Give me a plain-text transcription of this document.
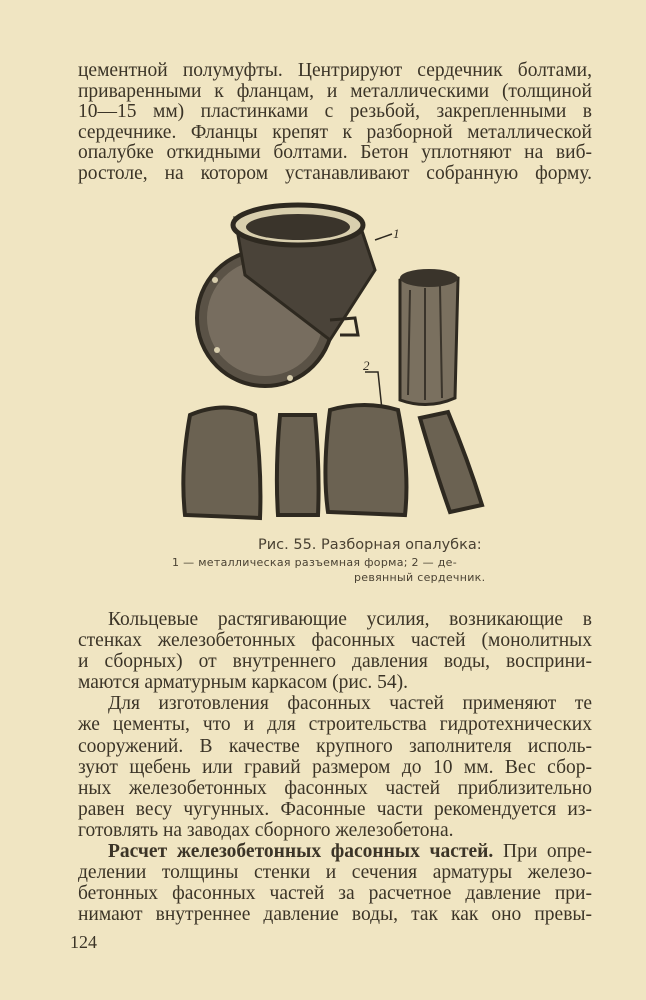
цементной полумуфты. Центрируют сердечник болтами,
приваренными к фланцам, и металлическими (толщиной
10—15 мм) пластинками с резьбой, закрепленными в
сердечнике. Фланцы крепят к разборной металлической
опалубке откидными болтами. Бетон уплотняют на виб-
ростоле, на котором устанавливают собранную форму.
1
2
Рис. 55. Разборная опалубка:
1 — металлическая разъемная форма; 2 — де-
ревянный сердечник.
Кольцевые растягивающие усилия, возникающие в
стенках железобетонных фасонных частей (монолитных
и сборных) от внутреннего давления воды, восприни-
маются арматурным каркасом (рис. 54).
Для изготовления фасонных частей применяют те
же цементы, что и для строительства гидротехнических
сооружений. В качестве крупного заполнителя исполь-
зуют щебень или гравий размером до 10 мм. Вес сбор-
ных железобетонных фасонных частей приблизительно
равен весу чугунных. Фасонные части рекомендуется из-
готовлять на заводах сборного железобетона.
Расчет железобетонных фасонных частей. При опре-
делении толщины стенки и сечения арматуры железо-
бетонных фасонных частей за расчетное давление при-
нимают внутреннее давление воды, так как оно превы-
124
